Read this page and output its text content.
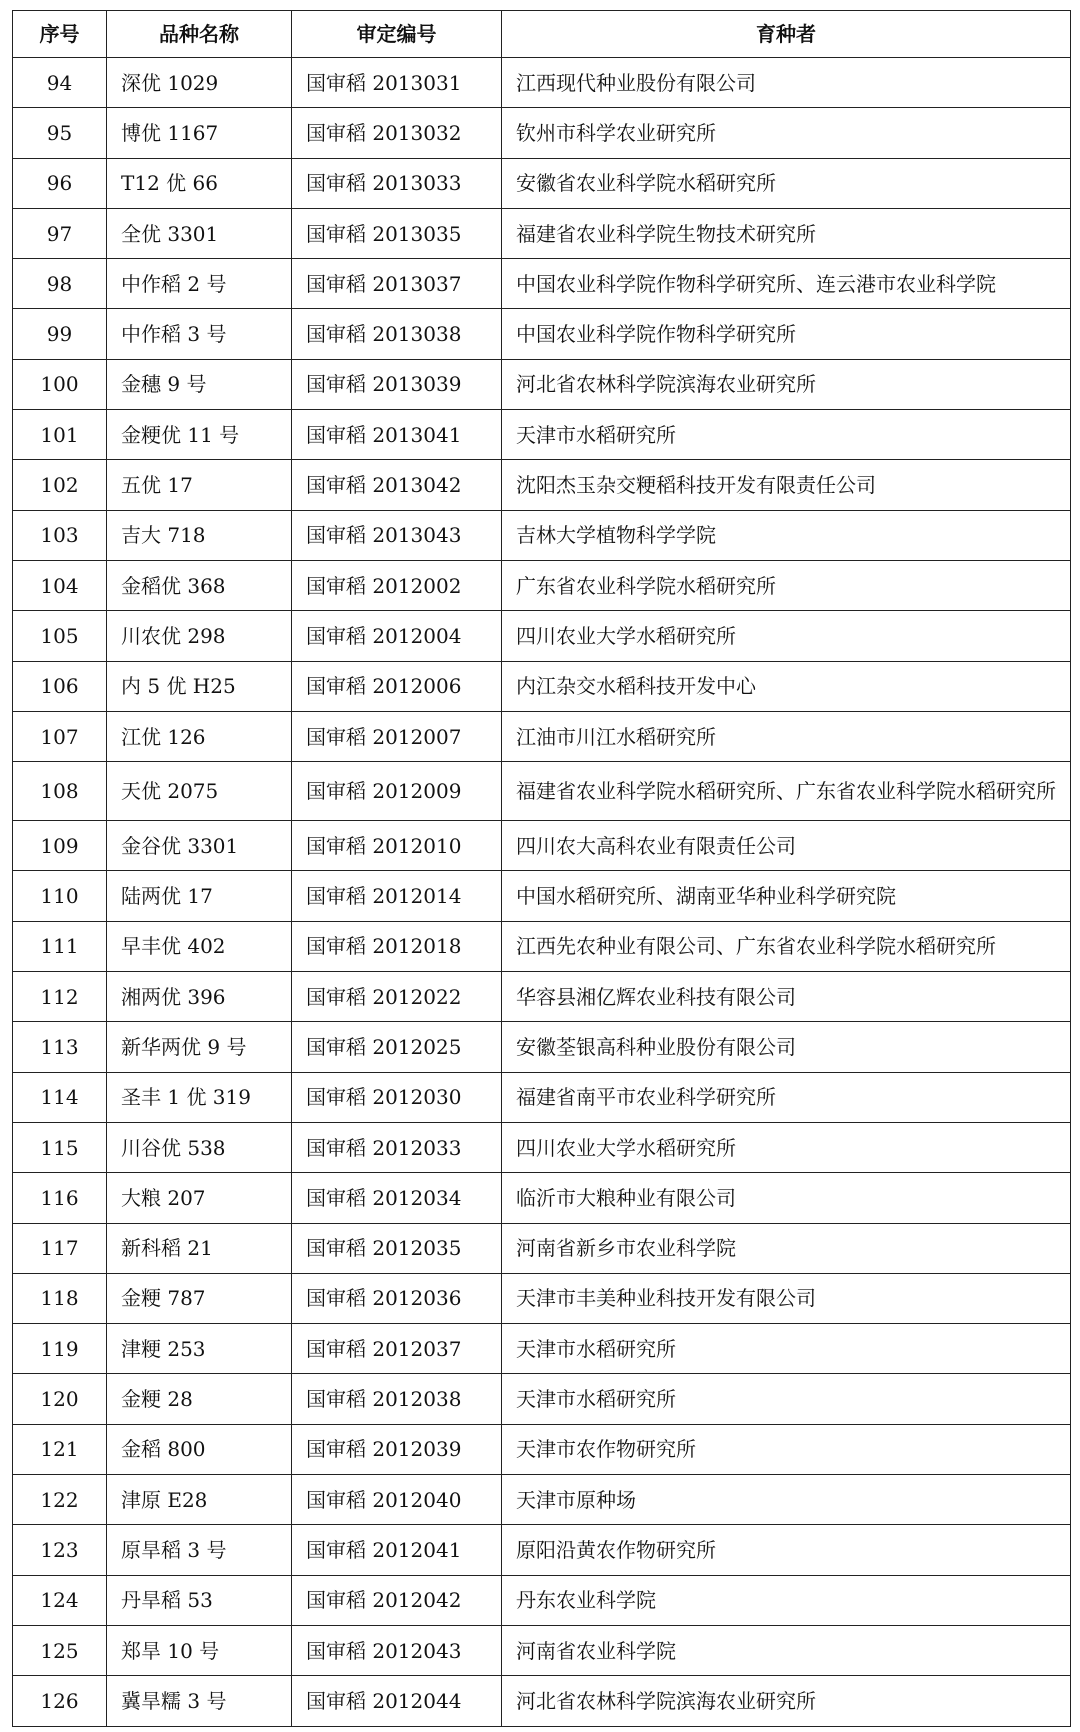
序号	品种名称	审定编号	育种者
94	深优 1029	国审稻 2013031	江西现代种业股份有限公司
95	博优 1167	国审稻 2013032	钦州市科学农业研究所
96	T12 优 66	国审稻 2013033	安徽省农业科学院水稻研究所
97	全优 3301	国审稻 2013035	福建省农业科学院生物技术研究所
98	中作稻 2 号	国审稻 2013037	中国农业科学院作物科学研究所、连云港市农业科学院
99	中作稻 3 号	国审稻 2013038	中国农业科学院作物科学研究所
100	金穗 9 号	国审稻 2013039	河北省农林科学院滨海农业研究所
101	金粳优 11 号	国审稻 2013041	天津市水稻研究所
102	五优 17	国审稻 2013042	沈阳杰玉杂交粳稻科技开发有限责任公司
103	吉大 718	国审稻 2013043	吉林大学植物科学学院
104	金稻优 368	国审稻 2012002	广东省农业科学院水稻研究所
105	川农优 298	国审稻 2012004	四川农业大学水稻研究所
106	内 5 优 H25	国审稻 2012006	内江杂交水稻科技开发中心
107	江优 126	国审稻 2012007	江油市川江水稻研究所
108	天优 2075	国审稻 2012009	福建省农业科学院水稻研究所、广东省农业科学院水稻研究所
109	金谷优 3301	国审稻 2012010	四川农大高科农业有限责任公司
110	陆两优 17	国审稻 2012014	中国水稻研究所、湖南亚华种业科学研究院
111	早丰优 402	国审稻 2012018	江西先农种业有限公司、广东省农业科学院水稻研究所
112	湘两优 396	国审稻 2012022	华容县湘亿辉农业科技有限公司
113	新华两优 9 号	国审稻 2012025	安徽荃银高科种业股份有限公司
114	圣丰 1 优 319	国审稻 2012030	福建省南平市农业科学研究所
115	川谷优 538	国审稻 2012033	四川农业大学水稻研究所
116	大粮 207	国审稻 2012034	临沂市大粮种业有限公司
117	新科稻 21	国审稻 2012035	河南省新乡市农业科学院
118	金粳 787	国审稻 2012036	天津市丰美种业科技开发有限公司
119	津粳 253	国审稻 2012037	天津市水稻研究所
120	金粳 28	国审稻 2012038	天津市水稻研究所
121	金稻 800	国审稻 2012039	天津市农作物研究所
122	津原 E28	国审稻 2012040	天津市原种场
123	原旱稻 3 号	国审稻 2012041	原阳沿黄农作物研究所
124	丹旱稻 53	国审稻 2012042	丹东农业科学院
125	郑旱 10 号	国审稻 2012043	河南省农业科学院
126	冀旱糯 3 号	国审稻 2012044	河北省农林科学院滨海农业研究所
